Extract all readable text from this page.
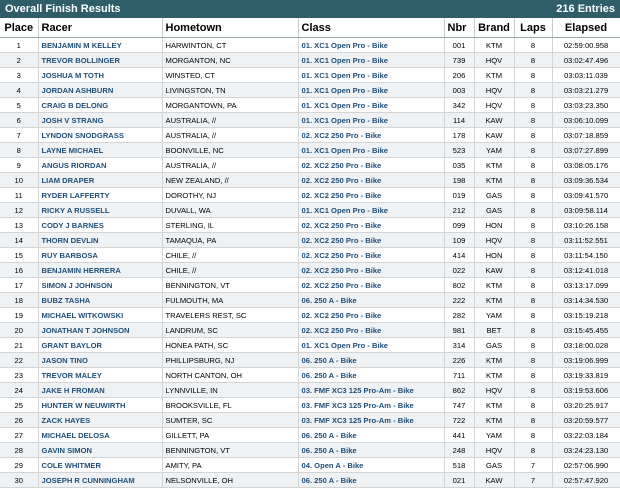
Overall Finish Results	216 Entries
Place	Racer	Hometown	Class	Nbr	Brand	Laps	Elapsed
1	BENJAMIN M KELLEY	HARWINTON, CT	01. XC1 Open Pro - Bike	001	KTM	8	02:59:00.958
2	TREVOR BOLLINGER	MORGANTON, NC	01. XC1 Open Pro - Bike	739	HQV	8	03:02:47.496
3	JOSHUA M TOTH	WINSTED, CT	01. XC1 Open Pro - Bike	206	KTM	8	03:03:11.039
4	JORDAN ASHBURN	LIVINGSTON, TN	01. XC1 Open Pro - Bike	003	HQV	8	03:03:21.279
5	CRAIG B DELONG	MORGANTOWN, PA	01. XC1 Open Pro - Bike	342	HQV	8	03:03:23.350
6	JOSH V STRANG	AUSTRALIA, //	01. XC1 Open Pro - Bike	114	KAW	8	03:06:10.099
7	LYNDON SNODGRASS	AUSTRALIA, //	02. XC2 250 Pro - Bike	178	KAW	8	03:07:18.859
8	LAYNE MICHAEL	BOONVILLE, NC	01. XC1 Open Pro - Bike	523	YAM	8	03:07:27.899
9	ANGUS RIORDAN	AUSTRALIA, //	02. XC2 250 Pro - Bike	035	KTM	8	03:08:05.176
10	LIAM DRAPER	NEW ZEALAND, //	02. XC2 250 Pro - Bike	198	KTM	8	03:09:36.534
11	RYDER LAFFERTY	DOROTHY, NJ	02. XC2 250 Pro - Bike	019	GAS	8	03:09:41.570
12	RICKY A RUSSELL	DUVALL, WA	01. XC1 Open Pro - Bike	212	GAS	8	03:09:58.114
13	CODY J BARNES	STERLING, IL	02. XC2 250 Pro - Bike	099	HON	8	03:10:26.158
14	THORN DEVLIN	TAMAQUA, PA	02. XC2 250 Pro - Bike	109	HQV	8	03:11:52.551
15	RUY BARBOSA	CHILE, //	02. XC2 250 Pro - Bike	414	HON	8	03:11:54.150
16	BENJAMIN HERRERA	CHILE, //	02. XC2 250 Pro - Bike	022	KAW	8	03:12:41.018
17	SIMON J JOHNSON	BENNINGTON, VT	02. XC2 250 Pro - Bike	802	KTM	8	03:13:17.099
18	BUBZ TASHA	FULMOUTH, MA	06. 250 A - Bike	222	KTM	8	03:14:34.530
19	MICHAEL WITKOWSKI	TRAVELERS REST, SC	02. XC2 250 Pro - Bike	282	YAM	8	03:15:19.218
20	JONATHAN T JOHNSON	LANDRUM, SC	02. XC2 250 Pro - Bike	981	BET	8	03:15:45.455
21	GRANT BAYLOR	HONEA PATH, SC	01. XC1 Open Pro - Bike	314	GAS	8	03:18:00.028
22	JASON TINO	PHILLIPSBURG, NJ	06. 250 A - Bike	226	KTM	8	03:19:06.999
23	TREVOR MALEY	NORTH CANTON, OH	06. 250 A - Bike	711	KTM	8	03:19:33.819
24	JAKE H FROMAN	LYNNVILLE, IN	03. FMF XC3 125 Pro-Am - Bike	862	HQV	8	03:19:53.606
25	HUNTER W NEUWIRTH	BROOKSVILLE, FL	03. FMF XC3 125 Pro-Am - Bike	747	KTM	8	03:20:25.917
26	ZACK HAYES	SUMTER, SC	03. FMF XC3 125 Pro-Am - Bike	722	KTM	8	03:20:59.577
27	MICHAEL DELOSA	GILLETT, PA	06. 250 A - Bike	441	YAM	8	03:22:03.184
28	GAVIN SIMON	BENNINGTON, VT	06. 250 A - Bike	248	HQV	8	03:24:23.130
29	COLE WHITMER	AMITY, PA	04. Open A - Bike	518	GAS	7	02:57:06.990
30	JOSEPH R CUNNINGHAM	NELSONVILLE, OH	06. 250 A - Bike	021	KAW	7	02:57:47.920
